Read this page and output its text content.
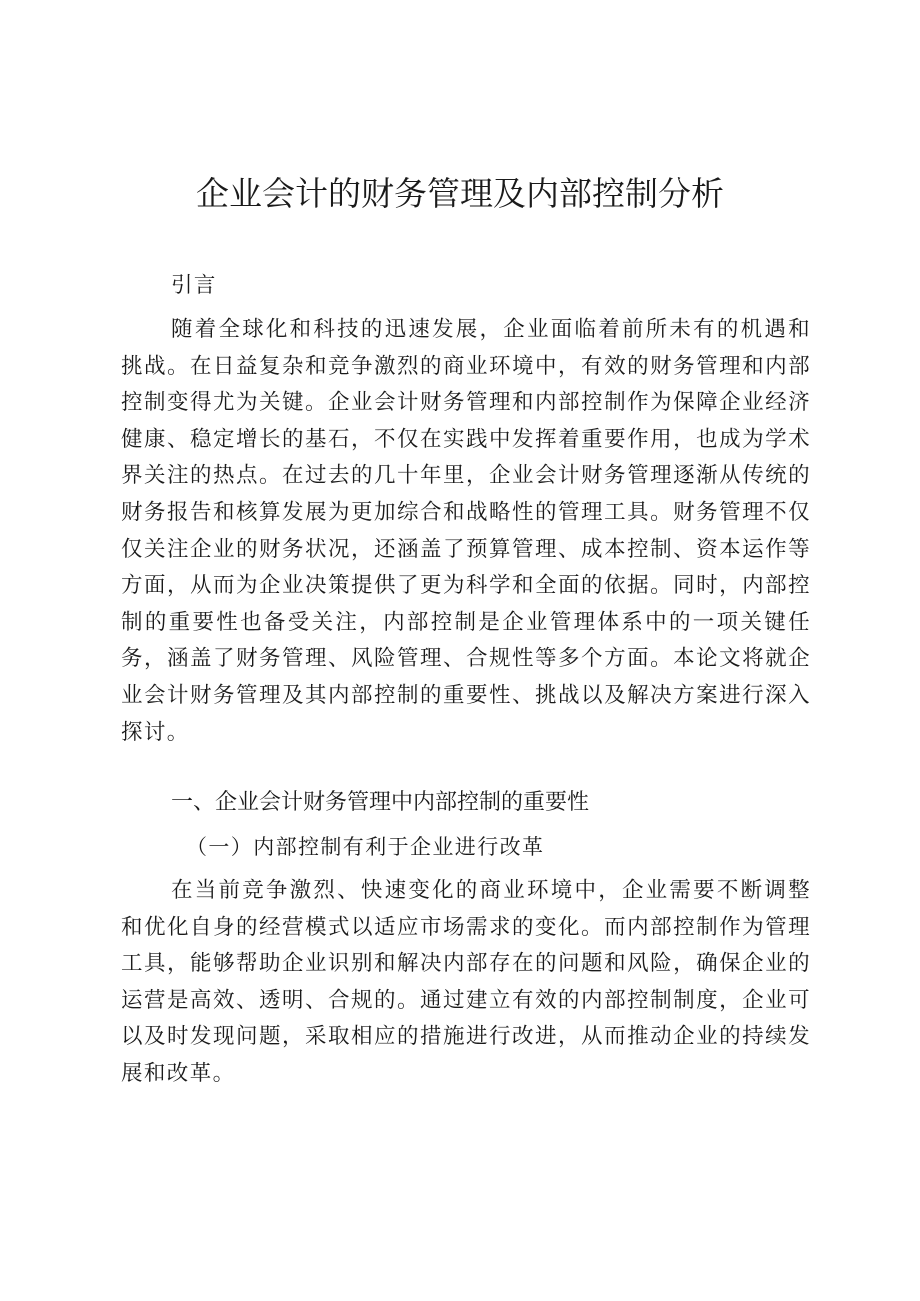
企业会计的财务管理及内部控制分析

引言

随着全球化和科技的迅速发展，企业面临着前所未有的机遇和挑战。在日益复杂和竞争激烈的商业环境中，有效的财务管理和内部控制变得尤为关键。企业会计财务管理和内部控制作为保障企业经济健康、稳定增长的基石，不仅在实践中发挥着重要作用，也成为学术界关注的热点。在过去的几十年里，企业会计财务管理逐渐从传统的财务报告和核算发展为更加综合和战略性的管理工具。财务管理不仅仅关注企业的财务状况，还涵盖了预算管理、成本控制、资本运作等方面，从而为企业决策提供了更为科学和全面的依据。同时，内部控制的重要性也备受关注，内部控制是企业管理体系中的一项关键任务，涵盖了财务管理、风险管理、合规性等多个方面。本论文将就企业会计财务管理及其内部控制的重要性、挑战以及解决方案进行深入探讨。

一、企业会计财务管理中内部控制的重要性
（一）内部控制有利于企业进行改革

在当前竞争激烈、快速变化的商业环境中，企业需要不断调整和优化自身的经营模式以适应市场需求的变化。而内部控制作为管理工具，能够帮助企业识别和解决内部存在的问题和风险，确保企业的运营是高效、透明、合规的。通过建立有效的内部控制制度，企业可以及时发现问题，采取相应的措施进行改进，从而推动企业的持续发展和改革。
